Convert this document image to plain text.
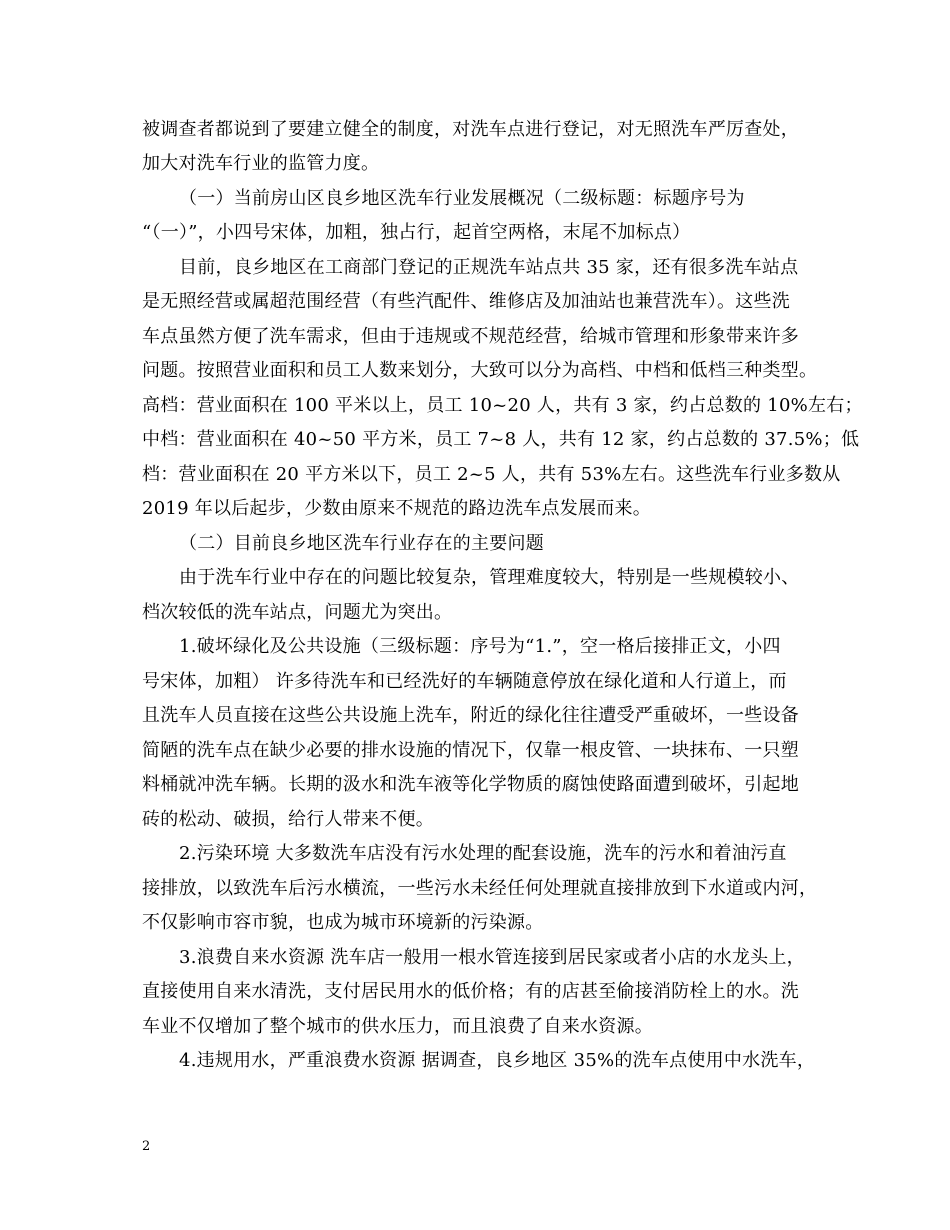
被调查者都说到了要建立健全的制度，对洗车点进行登记，对无照洗车严厉查处，
加大对洗车行业的监管力度。
（一）当前房山区良乡地区洗车行业发展概况（二级标题：标题序号为
“（一）”，小四号宋体，加粗，独占行，起首空两格，末尾不加标点）
目前，良乡地区在工商部门登记的正规洗车站点共 35 家，还有很多洗车站点
是无照经营或属超范围经营（有些汽配件、维修店及加油站也兼营洗车）。这些洗
车点虽然方便了洗车需求，但由于违规或不规范经营，给城市管理和形象带来许多
问题。按照营业面积和员工人数来划分，大致可以分为高档、中档和低档三种类型。
高档：营业面积在 100 平米以上，员工 10~20 人，共有 3 家，约占总数的 10%左右；
中档：营业面积在 40~50 平方米，员工 7~8 人，共有 12 家，约占总数的 37.5%；低
档：营业面积在 20 平方米以下，员工 2~5 人，共有 53%左右。这些洗车行业多数从
2019 年以后起步，少数由原来不规范的路边洗车点发展而来。
（二）目前良乡地区洗车行业存在的主要问题
由于洗车行业中存在的问题比较复杂，管理难度较大，特别是一些规模较小、
档次较低的洗车站点，问题尤为突出。
1.破坏绿化及公共设施（三级标题：序号为“1.”，空一格后接排正文，小四
号宋体，加粗） 许多待洗车和已经洗好的车辆随意停放在绿化道和人行道上，而
且洗车人员直接在这些公共设施上洗车，附近的绿化往往遭受严重破坏，一些设备
简陋的洗车点在缺少必要的排水设施的情况下，仅靠一根皮管、一块抹布、一只塑
料桶就冲洗车辆。长期的汲水和洗车液等化学物质的腐蚀使路面遭到破坏，引起地
砖的松动、破损，给行人带来不便。
2.污染环境 大多数洗车店没有污水处理的配套设施，洗车的污水和着油污直
接排放，以致洗车后污水横流，一些污水未经任何处理就直接排放到下水道或内河，
不仅影响市容市貌，也成为城市环境新的污染源。
3.浪费自来水资源 洗车店一般用一根水管连接到居民家或者小店的水龙头上，
直接使用自来水清洗，支付居民用水的低价格；有的店甚至偷接消防栓上的水。洗
车业不仅增加了整个城市的供水压力，而且浪费了自来水资源。
4.违规用水，严重浪费水资源 据调查，良乡地区 35%的洗车点使用中水洗车，
2
